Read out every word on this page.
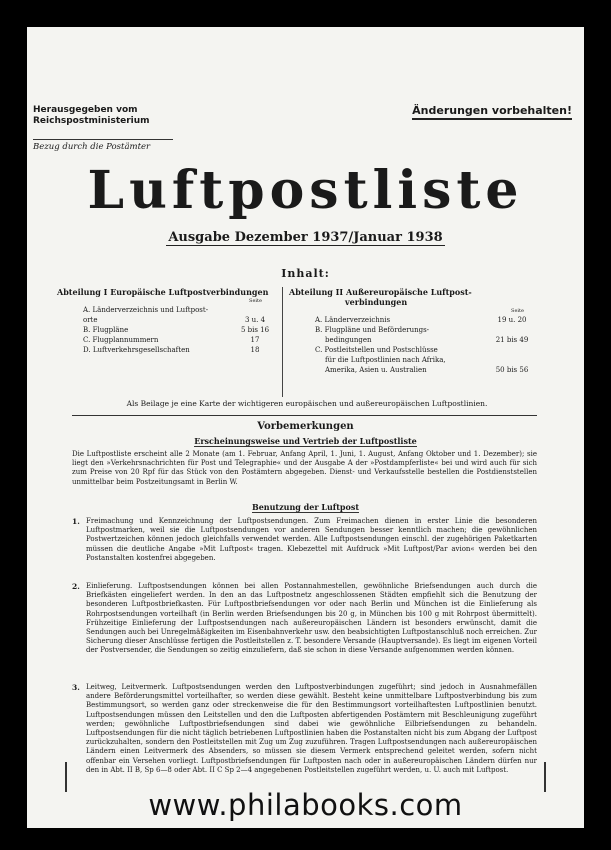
Herausgegeben vom
Reichspostministerium
Bezug durch die Postämter
Änderungen vorbehalten!
Luftpostliste
Ausgabe Dezember 1937/Januar 1938
Inhalt:
Abteilung I Europäische Luftpostverbindungen
Seite
A. Länderverzeichnis und Luftpost-
orte	3 u. 4
B. Flugpläne	5 bis 16
C. Flugplannummern	17
D. Luftverkehrsgesellschaften	18
Abteilung II Außereuropäische Luftpost-
verbindungen
Seite
A. Länderverzeichnis	19 u. 20
B. Flugpläne und Beförderungs-
bedingungen	21 bis 49
C. Postleitstellen und Postschlüsse
für die Luftpostlinien nach Afrika,
Amerika, Asien u. Australien	50 bis 56
Als Beilage je eine Karte der wichtigeren europäischen und außereuropäischen Luftpostlinien.
Vorbemerkungen
Erscheinungsweise und Vertrieb der Luftpostliste
Die Luftpostliste erscheint alle 2 Monate (am 1. Februar, Anfang April, 1. Juni, 1. August, Anfang Oktober und 1. Dezember); sie liegt den »Verkehrsnachrichten für Post und Telegraphie« und der Ausgabe A der »Postdampferliste« bei und wird auch für sich zum Preise von 20 Rpf für das Stück von den Postämtern abgegeben. Dienst- und Verkaufsstelle bestellen die Postdienststellen unmittelbar beim Postzeitungsamt in Berlin W.
Benutzung der Luftpost
1. Freimachung und Kennzeichnung der Luftpostsendungen. Zum Freimachen dienen in erster Linie die besonderen Luftpostmarken, weil sie die Luftpostsendungen vor anderen Sendungen besser kenntlich machen; die gewöhnlichen Postwertzeichen können jedoch gleichfalls verwendet werden. Alle Luftpostsendungen einschl. der zugehörigen Paketkarten müssen die deutliche Angabe »Mit Luftpost« tragen. Klebezettel mit Aufdruck »Mit Luftpost/Par avion« werden bei den Postanstalten kostenfrei abgegeben.
2. Einlieferung. Luftpostsendungen können bei allen Postannahmestellen, gewöhnliche Briefsendungen auch durch die Briefkästen eingeliefert werden. In den an das Luftpostnetz angeschlossenen Städten empfiehlt sich die Benutzung der besonderen Luftpostbriefkasten. Für Luftpostbriefsendungen vor oder nach Berlin und München ist die Einlieferung als Rohrpostsendungen vorteilhaft (in Berlin werden Briefsendungen bis 20 g, in München bis 100 g mit Rohrpost übermittelt). Frühzeitige Einlieferung der Luftpostsendungen nach außereuropäischen Ländern ist besonders erwünscht, damit die Sendungen auch bei Unregelmäßigkeiten im Eisenbahnverkehr usw. den beabsichtigten Luftpostanschluß noch erreichen. Zur Sicherung dieser Anschlüsse fertigen die Postleitstellen z. T. besondere Versande (Hauptversande). Es liegt im eigenen Vorteil der Postversender, die Sendungen so zeitig einzuliefern, daß sie schon in diese Versande aufgenommen werden können.
3. Leitweg, Leitvermerk. Luftpostsendungen werden den Luftpostverbindungen zugeführt; sind jedoch in Ausnahmefällen andere Beförderungsmittel vorteilhafter, so werden diese gewählt. Besteht keine unmittelbare Luftpostverbindung bis zum Bestimmungsort, so werden ganz oder streckenweise die für den Bestimmungsort vorteilhaftesten Luftpostlinien benutzt. Luftpostsendungen müssen den Leitstellen und den die Luftposten abfertigenden Postämtern mit Beschleunigung zugeführt werden; gewöhnliche Luftpostbriefsendungen sind dabei wie gewöhnliche Eilbriefsendungen zu behandeln. Luftpostsendungen für die nicht täglich betriebenen Luftpostlinien haben die Postanstalten nicht bis zum Abgang der Luftpost zurückzuhalten, sondern den Postleitstellen mit Zug um Zug zuzuführen. Tragen Luftpostsendungen nach außereuropäischen Ländern einen Leitvermerk des Absenders, so müssen sie diesem Vermerk entsprechend geleitet werden, sofern nicht offenbar ein Versehen vorliegt. Luftpostbriefsendungen für Luftposten nach oder in außereuropäischen Ländern dürfen nur den in Abt. II B, Sp 6—8 oder Abt. II C Sp 2—4 angegebenen Postleitstellen zugeführt werden, u. U. auch mit Luftpost.
www.philabooks.com
